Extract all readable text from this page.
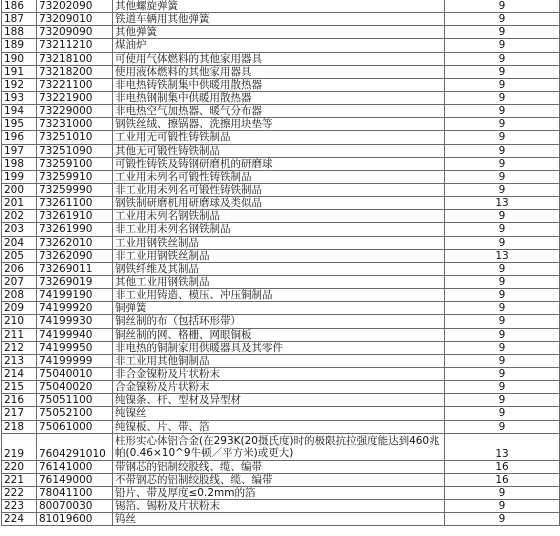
186	73202090	其他螺旋弹簧	9
187	73209010	铁道车辆用其他弹簧	9
188	73209090	其他弹簧	9
189	73211210	煤油炉	9
190	73218100	可使用气体燃料的其他家用器具	9
191	73218200	使用液体燃料的其他家用器具	9
192	73221100	非电热铸铁制集中供暖用散热器	9
193	73221900	非电热钢制集中供暖用散热器	9
194	73229000	非电热空气加热器、暖气分布器	9
195	73231000	钢铁丝绒、擦锅器、洗擦用块垫等	9
196	73251010	工业用无可锻性铸铁制品	9
197	73251090	其他无可锻性铸铁制品	9
198	73259100	可锻性铸铁及铸钢研磨机的研磨球	9
199	73259910	工业用未列名可锻性铸铁制品	9
200	73259990	非工业用未列名可锻性铸铁制品	9
201	73261100	钢铁制研磨机用研磨球及类似品	13
202	73261910	工业用未列名钢铁制品	9
203	73261990	非工业用未列名钢铁制品	9
204	73262010	工业用钢铁丝制品	9
205	73262090	非工业用钢铁丝制品	13
206	73269011	钢铁纤维及其制品	9
207	73269019	其他工业用钢铁制品	9
208	74199190	非工业用铸造、模压、冲压铜制品	9
209	74199920	铜弹簧	9
210	74199930	铜丝制的布（包括环形带）	9
211	74199940	铜丝制的网、格栅、网眼铜板	9
212	74199950	非电热的铜制家用供暖器具及其零件	9
213	74199999	非工业用其他铜制品	9
214	75040010	非合金镍粉及片状粉末	9
215	75040020	合金镍粉及片状粉末	9
216	75051100	纯镍条、杆、型材及异型材	9
217	75052100	纯镍丝	9
218	75061000	纯镍板、片、带、箔	9
219	7604291010	柱形实心体铝合金(在293K(20摄氏度)时的极限抗拉强度能达到460兆帕(0.46×10^9牛顿／平方米)或更大)	13
220	76141000	带钢芯的铝制绞股线、缆、编带	16
221	76149000	不带钢芯的铝制绞股线、缆、编带	16
222	78041100	铅片、带及厚度≤0.2mm的箔	9
223	80070030	锡箔、锡粉及片状粉末	9
224	81019600	钨丝	9
